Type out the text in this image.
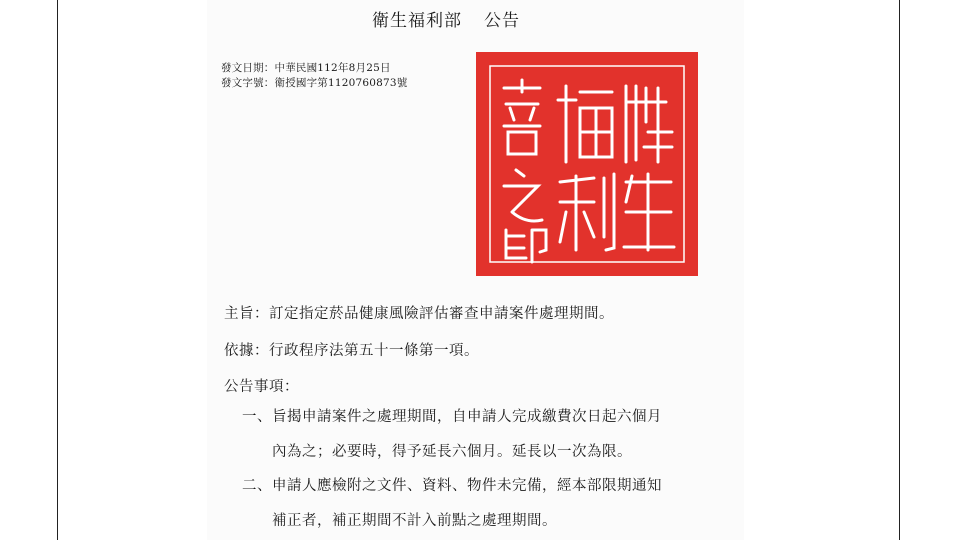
衛生福利部 公告
發文日期：中華民國112年8月25日
發文字號：衛授國字第1120760873號
主旨：訂定指定菸品健康風險評估審查申請案件處理期間。
依據：行政程序法第五十一條第一項。
公告事項：
一、旨揭申請案件之處理期間，自申請人完成繳費次日起六個月
內為之；必要時，得予延長六個月。延長以一次為限。
二、申請人應檢附之文件、資料、物件未完備，經本部限期通知
補正者，補正期間不計入前點之處理期間。
